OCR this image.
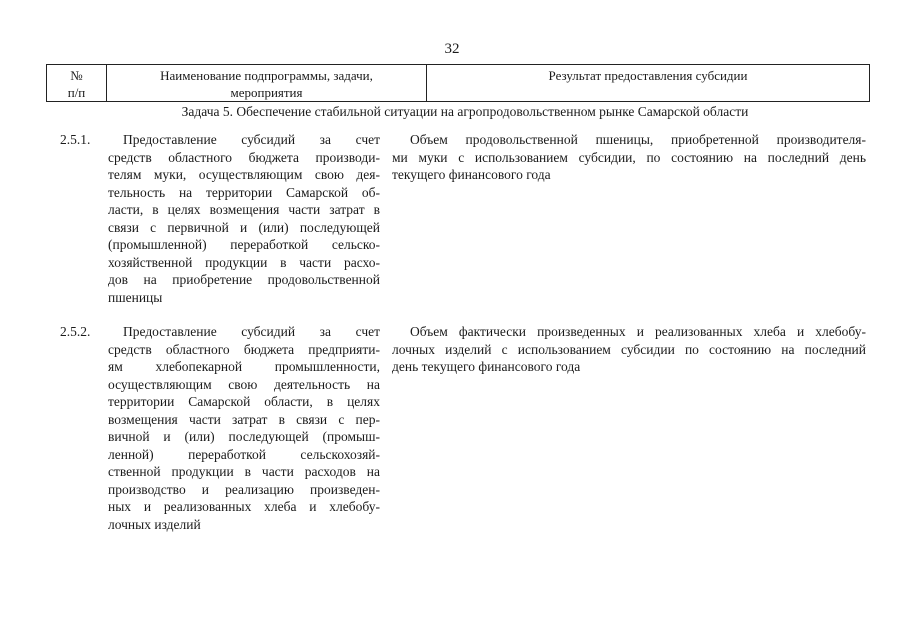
32
№
п/п
Наименование подпрограммы, задачи,
мероприятия
Результат предоставления субсидии
Задача 5. Обеспечение стабильной ситуации на агропродовольственном рынке Самарской области
2.5.1.	Предоставление субсидий за счет
средств областного бюджета производи-
телям муки, осуществляющим свою дея-
тельность на территории Самарской об-
ласти, в целях возмещения части затрат в
связи с первичной и (или) последующей
(промышленной) переработкой сельско-
хозяйственной продукции в части расхо-
дов на приобретение продовольственной
пшеницы
Объем продовольственной пшеницы, приобретенной производителя-
ми муки с использованием субсидии, по состоянию на последний день
текущего финансового года
2.5.2.	Предоставление субсидий за счет
средств областного бюджета предприяти-
ям хлебопекарной промышленности,
осуществляющим свою деятельность на
территории Самарской области, в целях
возмещения части затрат в связи с пер-
вичной и (или) последующей (промыш-
ленной) переработкой сельскохозяй-
ственной продукции в части расходов на
производство и реализацию произведен-
ных и реализованных хлеба и хлебобу-
лочных изделий
Объем фактически произведенных и реализованных хлеба и хлебобу-
лочных изделий с использованием субсидии по состоянию на последний
день текущего финансового года
